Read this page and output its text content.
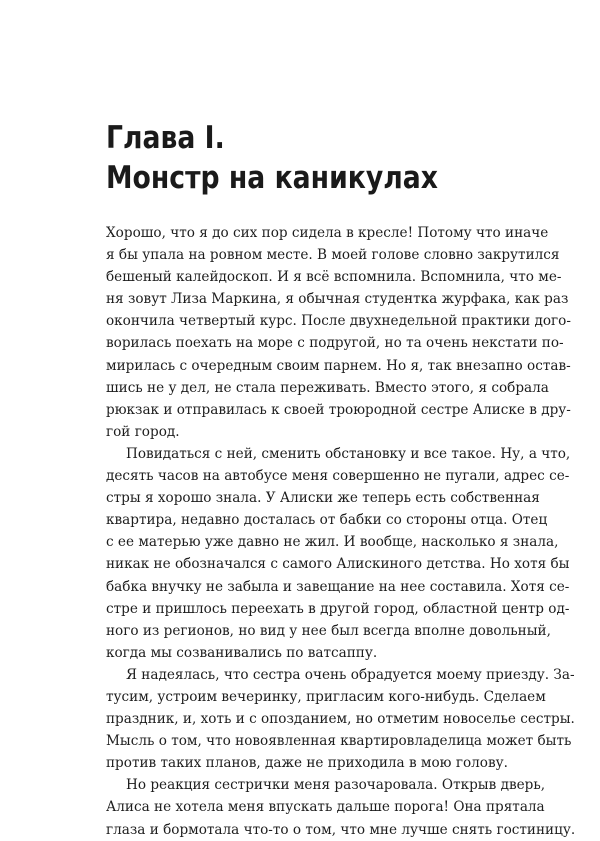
Глава I.
Монстр на каникулах
Хорошо, что я до сих пор сидела в кресле! Потому что иначе
я бы упала на ровном месте. В моей голове словно закрутился
бешеный калейдоскоп. И я всё вспомнила. Вспомнила, что ме-
ня зовут Лиза Маркина, я обычная студентка журфака, как раз
окончила четвертый курс. После двухнедельной практики дого-
ворилась поехать на море с подругой, но та очень некстати по-
мирилась с очередным своим парнем. Но я, так внезапно остав-
шись не у дел, не стала переживать. Вместо этого, я собрала
рюкзак и отправилась к своей троюродной сестре Алиске в дру-
гой город.
Повидаться с ней, сменить обстановку и все такое. Ну, а что,
десять часов на автобусе меня совершенно не пугали, адрес се-
стры я хорошо знала. У Алиски же теперь есть собственная
квартира, недавно досталась от бабки со стороны отца. Отец
с ее матерью уже давно не жил. И вообще, насколько я знала,
никак не обозначался с самого Алискиного детства. Но хотя бы
бабка внучку не забыла и завещание на нее составила. Хотя се-
стре и пришлось переехать в другой город, областной центр од-
ного из регионов, но вид у нее был всегда вполне довольный,
когда мы созванивались по ватсаппу.
Я надеялась, что сестра очень обрадуется моему приезду. За-
тусим, устроим вечеринку, пригласим кого-нибудь. Сделаем
праздник, и, хоть и с опозданием, но отметим новоселье сестры.
Мысль о том, что новоявленная квартировладелица может быть
против таких планов, даже не приходила в мою голову.
Но реакция сестрички меня разочаровала. Открыв дверь,
Алиса не хотела меня впускать дальше порога! Она прятала
глаза и бормотала что-то о том, что мне лучше снять гостиницу.
